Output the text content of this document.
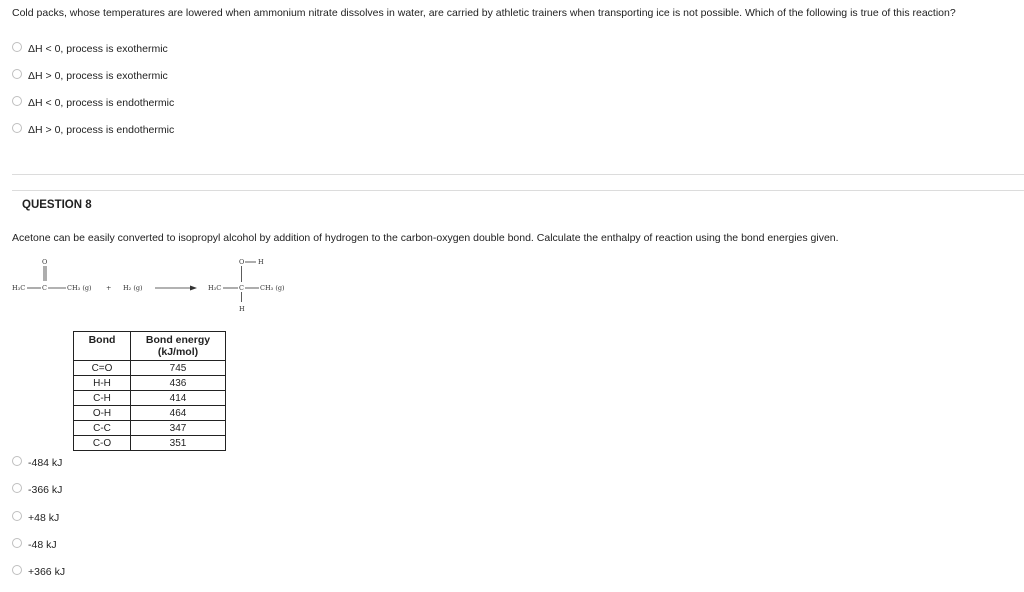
Cold packs, whose temperatures are lowered when ammonium nitrate dissolves in water, are carried by athletic trainers when transporting ice is not possible. Which of the following is true of this reaction?
ΔH < 0, process is exothermic
ΔH > 0, process is exothermic
ΔH < 0, process is endothermic
ΔH > 0, process is endothermic
QUESTION 8
Acetone can be easily converted to isopropyl alcohol by addition of hydrogen to the carbon-oxygen double bond. Calculate the enthalpy of reaction using the bond energies given.
O
H₃C	C	CH₃ (g) + H₂ (g)
O H
H₃C	C CH₃ (g)
H
Bond	Bond energy (kJ/mol)
C=O	745
H-H	436
C-H	414
O-H	464
C-C	347
C-O	351
-484 kJ
-366 kJ
+48 kJ
-48 kJ
+366 kJ
